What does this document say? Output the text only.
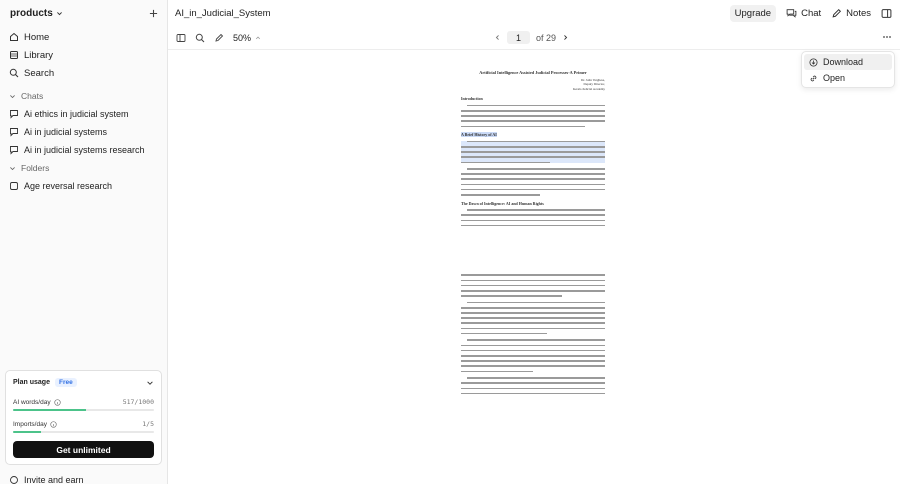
products
Home
Library
Search
Chats
Ai ethics in judicial system
Ai in judicial systems
Ai in judicial systems research
Folders
Age reversal research
Plan usage	Free
AI words/day	517/1000
Imports/day	1/5
Get unlimited
Invite and earn
AI_in_Judicial_System	Upgrade	Chat	Notes
50%	1	of 29
Download
Open
Artificial Intelligence Assisted Judicial Processes-A Primer
Dr. John Varghese,
Deputy Director,
Kerala Judicial Academy
Introduction
A Brief History of AI
The Dawn of Intelligence: AI and Human Rights
